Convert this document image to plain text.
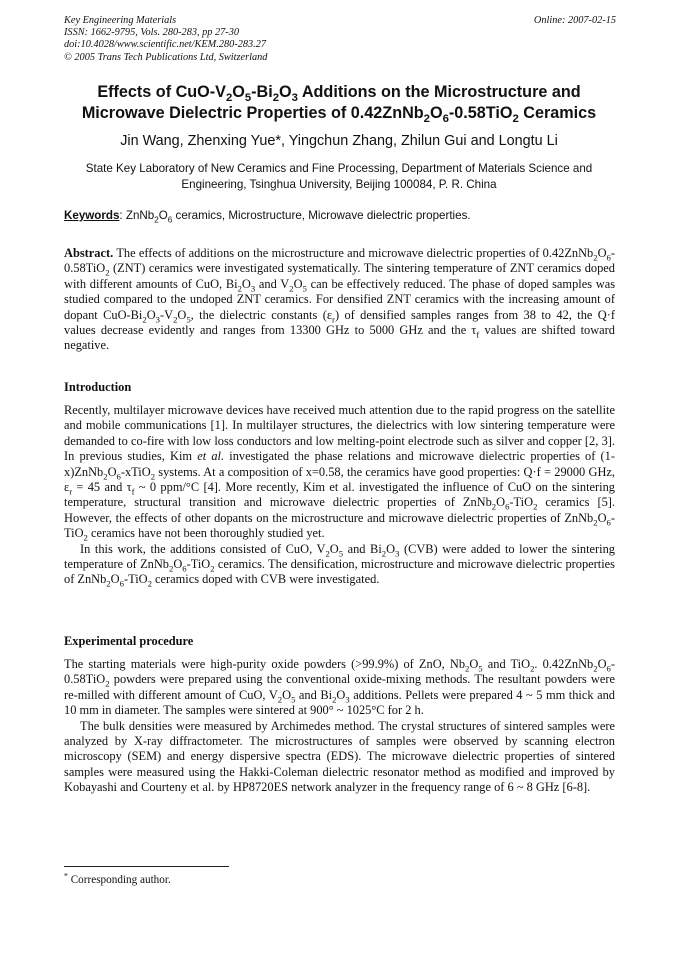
Key Engineering Materials
ISSN: 1662-9795, Vols. 280-283, pp 27-30
doi:10.4028/www.scientific.net/KEM.280-283.27
© 2005 Trans Tech Publications Ltd, Switzerland
Online: 2007-02-15
Effects of CuO-$V_2O_5-Bi_2O_3$ Additions on the Microstructure and
Microwave Dielectric Properties of $0.42ZnNb_2O_6-0.58TiO_2$ Ceramics
Jin Wang, Zhenxing Yue*, Yingchun Zhang, Zhilun Gui and Longtu Li
State Key Laboratory of New Ceramics and Fine Processing, Department of Materials Science and Engineering, Tsinghua University, Beijing 100084, P. R. China
Keywords: $ZnNb_2O_6$ ceramics, Microstructure, Microwave dielectric properties.
Abstract. The effects of additions on the microstructure and microwave dielectric properties of $0.42ZnNb_2O_6-0.58TiO_2$ (ZNT) ceramics were investigated systematically. The sintering temperature of ZNT ceramics doped with different amounts of CuO, $Bi_2O_3$ and $V_2O_5$ can be effectively reduced. The phase of doped samples was studied compared to the undoped ZNT ceramics. For densified ZNT ceramics with the increasing amount of dopant CuO-$Bi_2O_3-V_2O_5$, the dielectric constants $(\varepsilon_r)$ of densified samples ranges from 38 to 42, the Q·f values decrease evidently and ranges from 13300 GHz to 5000 GHz and the $\tau_f$ values are shifted toward negative.
Introduction
Recently, multilayer microwave devices have received much attention due to the rapid progress on the satellite and mobile communications [1]. In multilayer structures, the dielectrics with low sintering temperature were demanded to co-fire with low loss conductors and low melting-point electrode such as silver and copper [2, 3]. In previous studies, Kim et al. investigated the phase relations and microwave dielectric properties of $(1-x)ZnNb_2O_6-xTiO_2$ systems. At a composition of x=0.58, the ceramics have good properties: Q·f = 29000 GHz, $\varepsilon_r = 45$ and $\tau_f$ ~ 0 ppm/°C [4]. More recently, Kim et al. investigated the influence of CuO on the sintering temperature, structural transition and microwave dielectric properties of $ZnNb_2O_6-TiO_2$ ceramics [5]. However, the effects of other dopants on the microstructure and microwave dielectric properties of $ZnNb_2O_6-TiO_2$ ceramics have not been thoroughly studied yet.
In this work, the additions consisted of CuO, $V_2O_5$ and $Bi_2O_3$ (CVB) were added to lower the sintering temperature of $ZnNb_2O_6-TiO_2$ ceramics. The densification, microstructure and microwave dielectric properties of $ZnNb_2O_6-TiO_2$ ceramics doped with CVB were investigated.
Experimental procedure
The starting materials were high-purity oxide powders (>99.9%) of ZnO, $Nb_2O_5$ and TiO$_2$. $0.42ZnNb_2O_6-0.58TiO_2$ powders were prepared using the conventional oxide-mixing methods. The resultant powders were re-milled with different amount of CuO, $V_2O_5$ and $Bi_2O_3$ additions. Pellets were prepared 4 ~ 5 mm thick and 10 mm in diameter. The samples were sintered at 900° ~ 1025°C for 2 h.
The bulk densities were measured by Archimedes method. The crystal structures of sintered samples were analyzed by X-ray diffractometer. The microstructures of samples were observed by scanning electron microscopy (SEM) and energy dispersive spectra (EDS). The microwave dielectric properties of sintered samples were measured using the Hakki-Coleman dielectric resonator method as modified and improved by Kobayashi and Courteny et al. by HP8720ES network analyzer in the frequency range of 6 ~ 8 GHz [6-8].
* Corresponding author.
